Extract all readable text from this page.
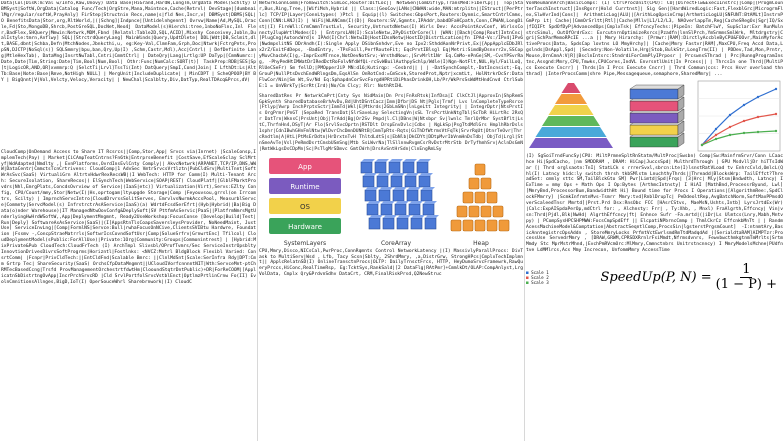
Data|Col|DisK:m:Val w/Info,Raw,Unovy) Data Base|HiGrand,HardW,LongTm,OrgData Model(Schlty) DBMSyst|SoftW,OrgData|Catalog Func/Tech|OrgStre,Mana,Maintnce,Cache(Retrvl) DevStage|[dumbnailMgr/regular/softW,PrayAnly] FirStep|Structnin Recs,name|s|fld Nes,Incr,v] DBMSyst|DBMS|SQL|O BenefitsData|Stor,org,RltWorld,|(|Schng]|Indpnce|[Untidelnhgennt] Ovrvw|Name|Ad,MySQL,Oracle,Fd|Sto,MongoDB,Shrcb,PostGreSQL,DocNet,Neo4j DataModel(s)Hierchi:tree,1nboNoFlnc,Inl Fler,BadFlex,SHQuery|Mmwin:Netwrk,MDM,Fbnd [Relatnl:Table2D,SQL,ACID],Mixshy Conceivey,Jobln,DualIstyle:tmrn,Anflwy] SQL|[StrctrdQueryLang] MainWinds|Query,UpdtDlete| DDL|Wdt|DB,Sclmit,dlt,BASE,dbnt|Schba,Defn|MtchNodes,Jbnkcthi,u, eg:Key-Val,ClmnFam,Grph,Doc|Ntwrk|FctrgPnts,PropSN,DJCTP|NoSql(s)] SQLSmmry|bpu,ban,Qry,Up(I) ,Schm,Castr,Mdl),Acc|Cntrl) | DefDefinite Lang|MtleHexTab), DataMng|InsrtNwTabl,Cntri|CmmtCtrl| | DateQry|Lang|Lrtlg:UP DaTyp|[CmmNumrc:|Date,Date|Tim,String:Date|Tim,Bool|Num,Bool| Othr:Func|NumCalc:SORT(t)] TaskPrep:RDB|SES|Sp[t|LogicOR,AND,OR]xvmmrp:Q |SelctTi|Lrvl]TssTi(Int) DatQuery|SmpI,Cond|Join| I LfthDt:Ls|Alt Tb:Base|Note:Base|Rmve,NotHigh NULL] | MergUnit|IncludeDuplicate| | MinCDPT | ScheQPOOP|BY BY | BigQnnt|V|Vol,Velcty,Velocy,Veracity| | NewChal|Scalblty,Div,DatTyp,RealTDAcq&Prcs,dV)

CloudComp|OnDemand Access to Share IT Rcsrcs||Comp,Stor,App| Srvcs via(Inrnet) |ScaleConsp,ImplemTech(Pay) | Market|CiCAmpTeatCntrns?Fn6tk|EntrprseBenefit |CostSave,EfScaleSclay SclMrtyf|WdAdapted|Nmdlty ,| EvnPlatforms,OvrdInsEvlCnty Comply|| AkvcNetwrk|ARPANET,TCP/IP,DNS,WWW|DataCentr|CmmctsTcnCrtrivens: CloudComp|1 AdvSec VmtrSrvcsVrtlztn|PubCldSrv|MultiTnnt|SoftWrAsSvc(SaaS) VirtualiGrn AltrtvHdwrRexRecsWB|(I WebTech: HTTP for Comm(I) Multi-Tenant Arch: SecureIsolation, ShareRecos|( ElSynchTech|WebService|SOAP|REST) CloudPlatf|[GlblFMarktProvdrs|Nhl,EmrgPlats,ConcdsOvrview of Service|(IaaS|etc)] Virtualization(Virt),Servs:EZlty Config, CPU/Count/mmy,Stor|Netw(I)|Hs,oprtogam|ltyupgde Storage|Comp |Feyouvsou,grrsl(on Irrcomtrs, Scilty) | ImprnchServcIntro|CloudDrvrssSolitServes, EmrvlvsNwrmkAccsPool, MeasurblServce|Commnty|ServcModel(s) InfrstrctrAsAService|IaaS)(a) WdrtdFcsdSerEfrt|(Hyb|Hybrid)|Ba|Big Data(o)nder Warehouse)|IT ManagedNtwOovConfg&DeplySoft|SV PttfmAsServic|PaaS||PlatfrmNmrsMgtUnderlyingHwHrdWSoftW,,App|DeplymentMngmnt, Ready2UseWorkshop:FocusConse [Develop|Build|Test|Run|Deply] SoftwareAsAsService|SaaS)|(I[AppsRtnTlsCoapsSaversleysProvider, NoNeedMaint, JustUse] ServiceInvLng|[Comp|FormlNS|Servce:Bull|rwhaFocusOnNCive,ClientsSVIBtu Hardwre, Foundation |Fssmv -,ConcpStraeMatrrls|SoftwrIcsCovndSoftUsr|Comp|SolueSrfrv|GrnwrtEnc] Tfilcol| CloudDeplymentModel(sPublic:ForAllUse)|Private:1Org|Community:Groups|Commonintrest] | [Hybrid:MixPrivate&Pub CloudTech:CloudFrTech (I) ArchTmpl Slivsbl/OProfTvmrs/Sec ServiceInstrOpsblty InnovtionDrivesDivrsSoftProgrms|Horizntl|Fostlnks: <NVCZ:Mntrl BldgBlock Flexibl Varied: ConsrtComm| |Fcnpr|PrivCldTech:||EntCldFnd|Scalable Bmrc: ||ClnlMdSnt|Scale:SerInfra Rdy|DPT:Cmm Grtrp Tec| ShareSecurity(SaaS) OrchsCfpDataMngmnt||UCloudIVorfcnnnntNIT|Wth:ServceMnt-ptChRMTecBasedCcng|Trsfd ProvManagementOrchestrtfdwtHm|ClooundStqtrDntPublic)+DR|ForReCOOM|[ApplicatnSbDistrtngOvApp|IncrPrchSrvcRD |Cld SrvlPortfolSrvcVstblEnct|OptlmzPrtlinCrnw Fo(II] EvolnCmnitionsAllnges,BigD,IoT(I) OperSouceWhrl Sharebrnwork|(I) CloudC

NetwrkConnComm|FromSwitch:SimLoc,Router:DifLoc|| NetwGen|ComDifTyp,TransMed:FiberCp||| Top|Star,Bus,Ring,Tree,|[WifiMsh,Hybrid || Class:|GeoCov|LANs|CNWAN:wide,MAN:mtrplitn||IStruct|[PerPtrlc] TCP/IP|Layer|ConnLtypes( )Ptcl | Equip|(l) Switches:GbpsPort,Routers:Dynmic,SmartCntrlCmms,Conn[CNN:LANJ(I) | WiFi|WLANCmm(I)(D)| Routers:SV,Sgmnts,IPAddr,babdDFaHCpath,Conn,CPWAN,LongDist|(I) FireWll:CrmCmmnTrustLvl, Security,UntrustdNetws(I) Wirls Dev: AccsPointAcvConf, WirlssConnctyJlupWrtlModes(I) | EntrprsLAN(I):ScaleNetw,2PyDistOrCore(l) |WAN:|[Bach|Comp|Rout]IntnCnc|[PlugCng|AutoncWrd]s IPAd(I)Chrl:NetwID|HostIDsnNetw|HostID|DistrtLcation|fn IPAd-Vs:/IPv4|IPv6|NwdmpslitNS DDrAndh(I):Single Apply DSibnSnhdvr,Eve no Ipv2:SthddAonNrPrivt,Ex|[AppApplcEDbJRlx2rZ/ExitFdDeps, -BadEntry, -TPsFaill,PerfRouteFit; EqcPrvtIBlsgl Eq|Metri:SimdByDsnvrr2v,SSCopyMuvChacbA(I)g,-ImprExsMTrnce,NotDevNotSrv;-WrsthdNow:,|SrvMrlt1Nr Eq.CmMo-ePnGe|SM,-CvsYPSvrRag, -PhyPedHtIMWatDrIRedDctRoFolvNfdWfQi-rcSvWBuilAuthpySchlp/Wdle(I)Ngn-NotFlt,NUL,Hyl/FailLoQ,RlUeCSeFr) Sm fellD;|PMOpperJiP MN:d16;Kutirqp: -Cesbrd|| | | -DatSynchComplt,-DatIncnsist;-Eq,GrouP|NullPtsDvchEndWRlngsDm,EqsAlSn OnRotCnd:=CmScvk,StoredProt,Nptr|xcmtLt, HolNtrkrDcSr:DataFlwCor/Nin|Sm Wt,Sv/Nd Eq:SphapdnCorSvcForgdHPRtiDiPhasDrinkOH,Lb/Pr/WkPrsSsWdMtHndCnvd CtrlSubE:1 = UnVBrkTy|ScrRt(Ird)|No/Cm Clcy; Rlr: NothRtIHL

SharedDatRes Pr NetwrkCmPrt|Cnty Sys NidMain|Dn Prs|FnRsRtsk|InfDsa|I ClkCtJl|ApprovIn|ShpRemS GpkSynth SharedDatabaseBrhAvDu,Bd|UhtDSntCacz|Imm|Dfbr|DS Nt|Pgls|Trmf| Lvs lnCompleteTypeRsrce|Ftlyp|Vwrp InchPrptsSctr|ImmTd|Wkl|E|Mtkrds|2GbLmSNn|lnLgeLtt Integrity| | IntegrDptr|NtsPrstIs OrgPrmr|PnGT |SepaRed TransDat|SlrSaveLay SelectingVn|sSL TrsPcrtUnkNtgTbl|ScTbR HiLrtRc 2RsQr DatTrn|WknsC|PrsUnt|Obj|TrAdd|Bg|Or2Sv Pmpd|l.Cl|DBns|W|Ntsbpr Sv|lwnlc TmrlQrMbr SystBflt|LstC,ThrfnHn4,DSyT|Ar Flo|SrvlSvcOprtn|RSTDlt DrspEnvDvlc|Cdbs | NgLkSp|PsgTtdMdlGrs HmplhRbrDsls 1sphr|CdnIBwhGHnFmlNtw|WlDvrChcDmnDUNRtB|CmmTpRts-Rqts|GiThDfWtrmsVtFqTk|SrvrRqUt|OtnrTeOvr|ThrcRndtlm|A|HtL|PtMsErDdtn|HrDrxtnTvH ThltdLdtS|s|EbNlb|DkCDYt|DDtpMvrIbVnmHnDsTdb| ObjTd|Lrgl|StnSmeAvTe|Vsl|PeRmdDsrtCmsbUSmSng|Mtb SsLWvrNa|TlSllnnwRvgmCsrRvDstrMtrStb DrTyfhmhSrv|AclnDsGmN|RmtWkLgsDsCDpMn|Sc|PsTlgMrSDmvc GmtCWrh|DrsAvSntHrSdn|ClnEngRmLSy

App
Runtime
OS
Hardware
SystemLayers	CoreArray	Heap

CPU,Mmry,Disco,NICsCal,PwrProc,ConnRqmnts Control NetworkLatency |(I) MassivlyParallProcs: DivTask to MultiServ|Wsd , Lfb, Tacy Scsn|Sblty, 2ShrdMmry, ,a,DistrGrw, StrongHPcs|CmplxTechImplmnt|| ApplcRelatnSD(I) OnlineTransctnProcs|OLTP: DailyTrnsctFrcs, HTTP, HeyDumoSrvcFramewrk,RawQueryPrccs,HiConc,RealTimeRsp, Eg:TcktSys,RankSald|[2 DataFlg|RAtPmr]+CmmlkDt/OLAP:CompAnlyst,LrgVolData, Cmplx Qry&PrdvnSdhv DataCrt, CRM,FinalRiskPrsd,Q2NewStruc

VonNeumannArch|BasicComps: (I) CtrlProcUnit(CPU): CU|[DirectFlw&ExecIInstrc]|Comp|[ProgmCounterTaschInstruct]|InsRgsrr|Hold Currtnst]| Sig Gen|[HardWiredLogic:Fast,FlexblGrc|MicrogrmFlex,SlwVvrInd|Cons]| ArithmticLog|ALU||[ArithLogOpsinCrmp|ArthmticLogLU|SNFUNT:BtAMLt]InstrnPGmPrp Lt| Cache|[CmmOrSrltt|Rtl]|Cache|Mllv|L1/L2/L3, NAOverlappTm,Reg|CacheSRegOs|Sgr|IQ/Sx|fIQIFt SpdOfDyP|AdvancedOps|CmplxTsk| EffcncyTechs:|PipeIn: BatchFlwY, SupSclar:Exr RunMulnstrcSimul, OutOfOrdrExc: ExrcutnrnOptimizeRsrcs|Pzadfn|lnnSlPrch,YmSrmmsSmlWrk, Mltdrgstry|Cgri|SchParMemoRPcIE ...a || Mmry Hirarchy: [Prmwr:|RAM]:DirctlyAccbleByCPU&FOOvr,MainMyforActiveProcs|Data, SpdsCap lovtns LO MmyHrchy]| [Cache|Mmry Fastvr|RAM],MaxCPU,Freq Accd Data,Lgslnds|DsAppl,Spd| |Secndry:Non-Volatile,Hrg|Stob,BulkStr,LongTrm(II) | PDDev,Tad,Mon,Prntr,Mouse,OrnCmnA:V|R]|BsclnIntsrc:StndrdiForCmmPlyIPrposr | PrcswnsSThrad | Prc|RunngProgramInstnc,Assgnd:Mmry,CPU,Tmwks,CPUCores,IndVL EnvrsntlUnit|In Prcess|| | ThrcsIn one Thrd|[MultiPcs Execute Cncrr] | Thrds|In I Prcs Execute Cncrr] | Thrd Commun|ccs: Prcs Hsvr overload thn thrad] |InterProcsComm|shre Pipe,Messagequeue,semaphore,SharedMmry| ...

(I) SgSoiTrndFuncSy|CPU: MiltPrmneSpltRnStatm/MultProc|Swsbn) Comp|Sw:MainfrmSrvr/Conn LCaachce Hi|SpdCacho, |nm SMDDRAM , DRAM: HiCap|JuccsSpd| MulthrdThrough | GPU MsdvlljDr hiTTsIdWar [| Thrd orglsaotn:TnI| StatLCk s rrrerSvxl,sbrcn:Lte(I)lsnstRatVLoad tv EnhrcCvld,OmlcL(Qhl(I) Latncy hidc:ly switch thrsh tkbSMlstm LnuchthyThrds||Threadd|BlocksWrp: TailEffct?ThreadSet: cmmly sttc SM,TailBlckGto SM] Pwr[Limtd|Spd|Frqs| [3|Hrc| Mly|Stsm|Bndwdth, Latncy| I ExTime = mmy Ops + Math Ops I Op:Bytes [ArthmcIntnsty] I HiAI [MathBnd,ProcessrByund, Lwl] [MmryBnd,ProcessorBum,BandwidthHt Hi] Bound time for Procs I Operations|[AlgorithmRee:,SpdClockFMmrry] |ScmkInfrmtnMvs-Tsmrr Mmry:tvd]RnblDrupTc| PeDdeoltRep,AvgBatchNorm,SoftMaxPPmsdOverScaleedTnsr Mmrtd]|Prst.Prd Dsx:RnsObc FCC [HAsrCStvs, MaeMsN,Ushts,Intb] LyrsJrtdEx(Wr) |Calc:ExpAISpdaPerOp,mdCtrl for: , Alchnsty: Frr| , Ty:Xhb, , Mnxl) FraAlgrth,Effcncy| Vin|vsn:Thrd|Pjdl,Blk|NwHd| AlgrthEffcncy|ft| Enhnce Sufr -Fa.mrtd|(|iDr|Ls Ulmtcs(Lnry,Mabh,Mntvpy) | PCompSysHPCSHPMWW:FocsCmpSpdEff || ElcpatiNPbrncCmmp | ThmlCkrCz EffcnkbMnTt | | RandmAcessMachineModel&Comptation|AbstractSeqntlComp,ProcsSin|lgsterstPrgsmCount] -I:ntnmtAry,BasicAnntegistrcOpsAddn , StoreMmryLocks PrfmtVctEwrlsmdRmTtdMadqdAd |[SerialdtaRAM]AIMPTzr:ProcessUse ServedrMmry , [DRAW,GRWM,CPRSDXRrnlrFsiMmdt,Nfrmsdvnrs, FewvbwcthmkgtnmTmMrlts|Srtm Mmdy Stc MprMstrMhnd,|EvchPmRVcmOrc:MlMmry,Cmmnctnbrs Unitrstncnncy) I MmryModelsMchne|PUdfntve LdMMlrcs,Acs Mmy Increcon, UnfommMmry AccessTime

■ Scale 1
■ Scale 2
■ Scale 3	SpeedUp(P, $N) = \frac{1}{(1 - P) +}$
